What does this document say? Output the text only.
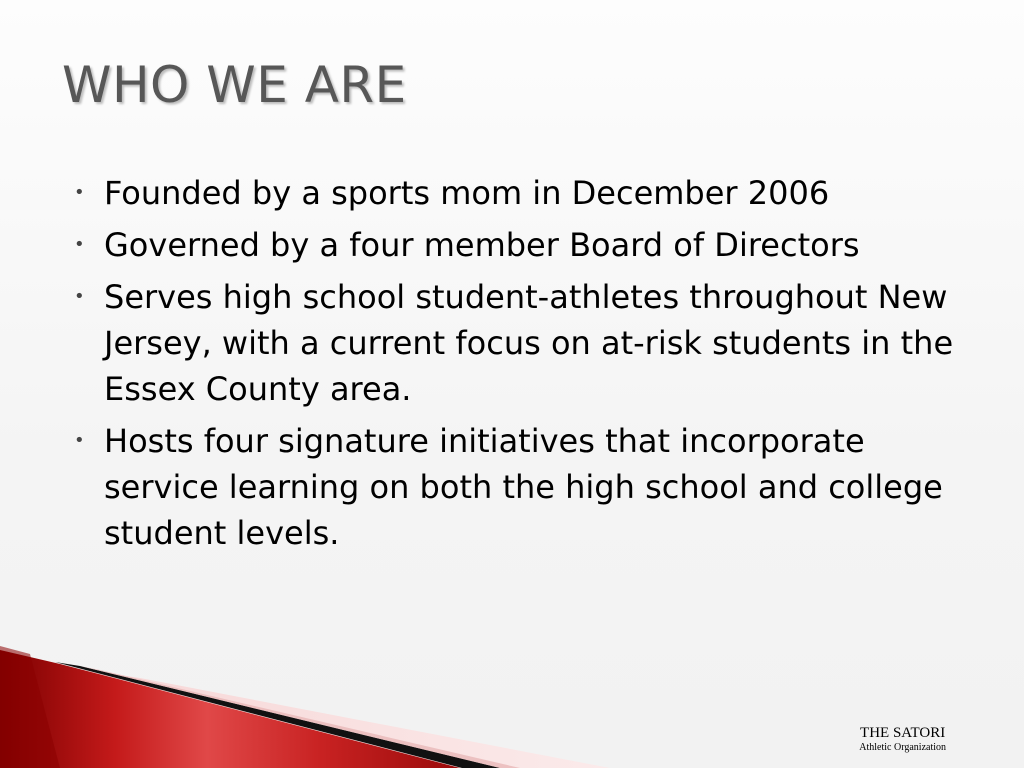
WHO WE ARE
• Founded by a sports mom in December 2006
• Governed by a four member Board of Directors
• Serves high school student-athletes throughout New Jersey, with a current focus on at-risk students in the Essex County area.
• Hosts four signature initiatives that incorporate service learning on both the high school and college student levels.
THE SATORI
Athletic Organization
